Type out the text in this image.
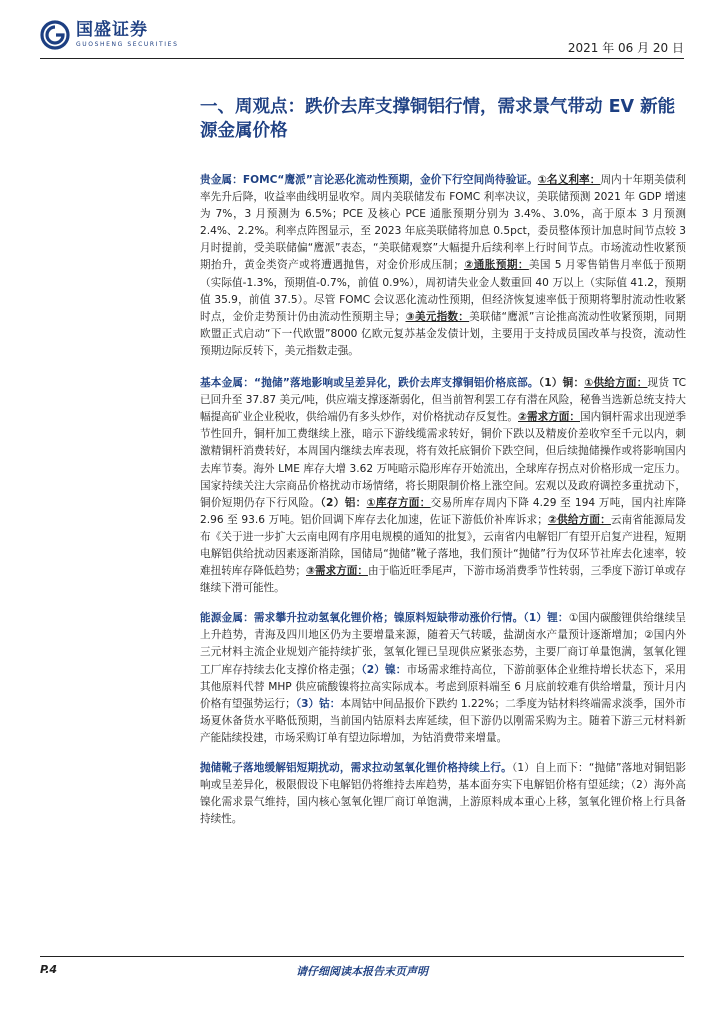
国盛证券
GUOSHENG SECURITIES	2021 年 06 月 20 日
一、周观点：跌价去库支撑铜铝行情，需求景气带动 EV 新能源金属价格

贵金属：FOMC“鹰派”言论恶化流动性预期，金价下行空间尚待验证。①名义利率：周内十年期美债利率先升后降，收益率曲线明显收窄。周内美联储发布 FOMC 利率决议，美联储预测 2021 年 GDP 增速为 7%，3 月预测为 6.5%；PCE 及核心 PCE 通胀预期分别为 3.4%、3.0%，高于原本 3 月预测 2.4%、2.2%。利率点阵图显示，至 2023 年底美联储将加息 0.5pct，委员整体预计加息时间节点较 3 月时提前，受美联储偏“鹰派”表态，“美联储观察”大幅提升后续利率上行时间节点。市场流动性收紧预期抬升，黄金类资产或将遭遇抛售，对金价形成压制；②通胀预期：美国 5 月零售销售月率低于预期（实际值-1.3%，预期值-0.7%，前值 0.9%），周初请失业金人数重回 40 万以上（实际值 41.2，预期值 35.9，前值 37.5）。尽管 FOMC 会议恶化流动性预期，但经济恢复速率低于预期将掣肘流动性收紧时点，金价走势预计仍由流动性预期主导；③美元指数：美联储“鹰派”言论推高流动性收紧预期，同期欧盟正式启动“下一代欧盟”8000 亿欧元复苏基金发债计划，主要用于支持成员国改革与投资，流动性预期边际反转下，美元指数走强。

基本金属：“抛储”落地影响或呈差异化，跌价去库支撑铜铝价格底部。（1）铜：①供给方面：现货 TC 已回升至 37.87 美元/吨，供应端支撑逐渐弱化，但当前智利罢工存有潜在风险，秘鲁当选新总统支持大幅提高矿业企业税收，供给端仍有多头炒作，对价格扰动存反复性。②需求方面：国内铜杆需求出现逆季节性回升，铜杆加工费继续上涨，暗示下游线缆需求转好，铜价下跌以及精废价差收窄至千元以内，刺激精铜杆消费转好，本周国内继续去库表现，将有效托底铜价下跌空间，但后续抛储操作或将影响国内去库节奏。海外 LME 库存大增 3.62 万吨暗示隐形库存开始流出，全球库存拐点对价格形成一定压力。国家持续关注大宗商品价格扰动市场情绪，将长期限制价格上涨空间。宏观以及政府调控多重扰动下，铜价短期仍存下行风险。（2）铝：①库存方面：交易所库存周内下降 4.29 至 194 万吨，国内社库降 2.96 至 93.6 万吨。铝价回调下库存去化加速，佐证下游低价补库诉求；②供给方面：云南省能源局发布《关于进一步扩大云南电网有序用电规模的通知的批复》，云南省内电解铝厂有望开启复产进程，短期电解铝供给扰动因素逐渐消除，国储局“抛储”靴子落地，我们预计“抛储”行为仅环节社库去化速率，较难扭转库存降低趋势；③需求方面：由于临近旺季尾声，下游市场消费季节性转弱，三季度下游订单或存继续下滑可能性。

能源金属：需求攀升拉动氢氧化锂价格；镍原料短缺带动涨价行情。（1）锂：①国内碳酸锂供给继续呈上升趋势，青海及四川地区仍为主要增量来源，随着天气转暖，盐湖卤水产量预计逐渐增加；②国内外三元材料主流企业规划产能持续扩张，氢氧化锂已呈现供应紧张态势，主要厂商订单量饱满，氢氧化锂工厂库存持续去化支撑价格走强；（2）镍：市场需求维持高位，下游前驱体企业维持增长状态下，采用其他原料代替 MHP 供应硫酸镍将拉高实际成本。考虑到原料端至 6 月底前较难有供给增量，预计月内价格有望强势运行；（3）钴：本周钴中间品报价下跌约 1.22%；二季度为钴材料终端需求淡季，国外市场夏休备货水平略低预期，当前国内钴原料去库延续，但下游仍以刚需采购为主。随着下游三元材料新产能陆续投建，市场采购订单有望边际增加，为钴消费带来增量。

抛储靴子落地缓解铝短期扰动，需求拉动氢氧化锂价格持续上行。（1）自上而下：“抛储”落地对铜铝影响或呈差异化，极限假设下电解铝仍将维持去库趋势，基本面夯实下电解铝价格有望延续；（2）海外高镍化需求景气维持，国内核心氢氧化锂厂商订单饱满，上游原料成本重心上移，氢氧化锂价格上行具备持续性。

P.4	请仔细阅读本报告末页声明
